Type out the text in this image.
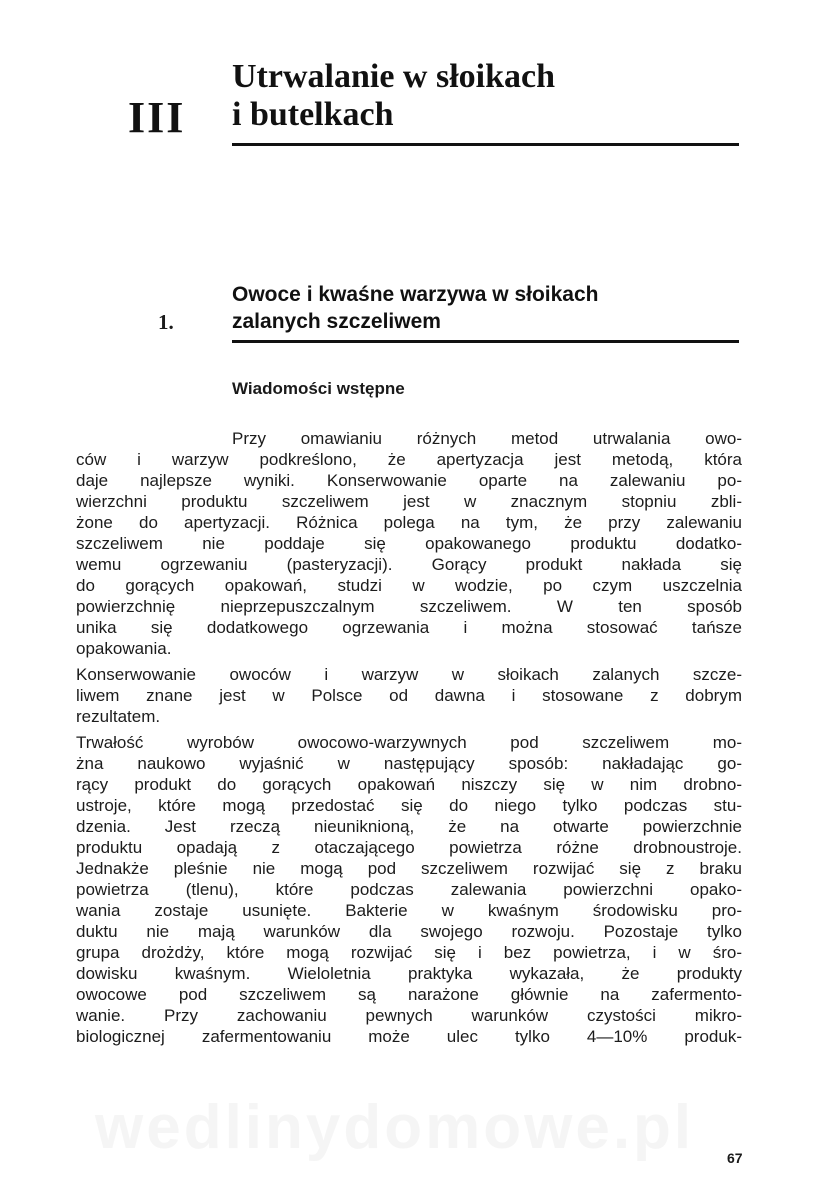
wedlinydomowe.pl
III
Utrwalanie w słoikach
i butelkach
1.
Owoce i kwaśne warzywa w słoikach
zalanych szczeliwem
Wiadomości wstępne
Przy omawianiu różnych metod utrwalania owo-
ców i warzyw podkreślono, że apertyzacja jest metodą, która
daje najlepsze wyniki. Konserwowanie oparte na zalewaniu po-
wierzchni produktu szczeliwem jest w znacznym stopniu zbli-
żone do apertyzacji. Różnica polega na tym, że przy zalewaniu
szczeliwem nie poddaje się opakowanego produktu dodatko-
wemu ogrzewaniu (pasteryzacji). Gorący produkt nakłada się
do gorących opakowań, studzi w wodzie, po czym uszczelnia
powierzchnię nieprzepuszczalnym szczeliwem. W ten sposób
unika się dodatkowego ogrzewania i można stosować tańsze
opakowania.
Konserwowanie owoców i warzyw w słoikach zalanych szcze-
liwem znane jest w Polsce od dawna i stosowane z dobrym
rezultatem.
Trwałość wyrobów owocowo-warzywnych pod szczeliwem mo-
żna naukowo wyjaśnić w następujący sposób: nakładając go-
rący produkt do gorących opakowań niszczy się w nim drobno-
ustroje, które mogą przedostać się do niego tylko podczas stu-
dzenia. Jest rzeczą nieuniknioną, że na otwarte powierzchnie
produktu opadają z otaczającego powietrza różne drobnoustroje.
Jednakże pleśnie nie mogą pod szczeliwem rozwijać się z braku
powietrza (tlenu), które podczas zalewania powierzchni opako-
wania zostaje usunięte. Bakterie w kwaśnym środowisku pro-
duktu nie mają warunków dla swojego rozwoju. Pozostaje tylko
grupa drożdży, które mogą rozwijać się i bez powietrza, i w śro-
dowisku kwaśnym. Wieloletnia praktyka wykazała, że produkty
owocowe pod szczeliwem są narażone głównie na zafermento-
wanie. Przy zachowaniu pewnych warunków czystości mikro-
biologicznej zafermentowaniu może ulec tylko 4—10% produk-
67
